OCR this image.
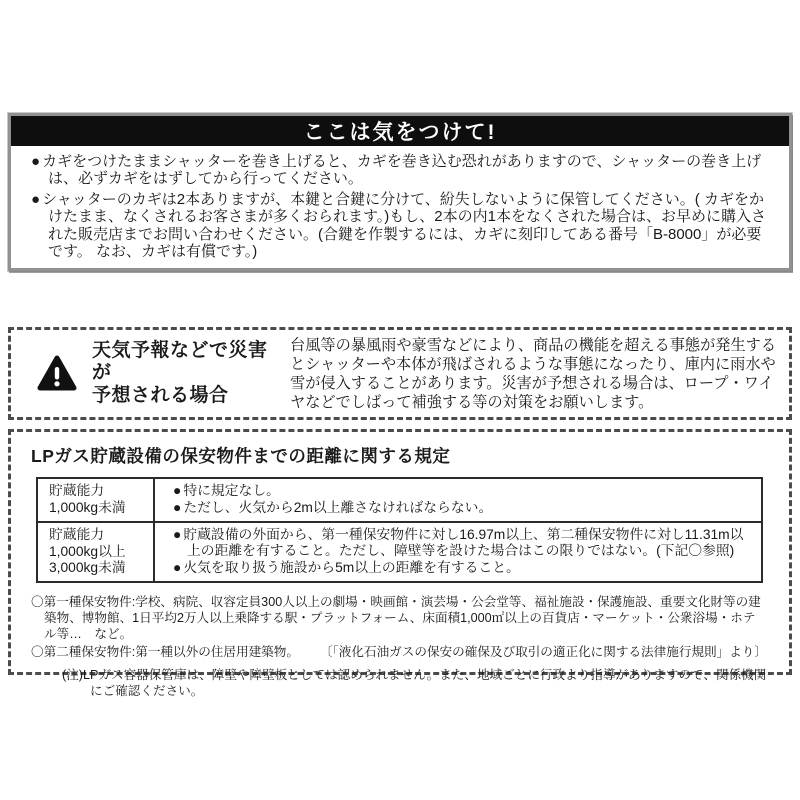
ここは気をつけて!

●カギをつけたままシャッターを巻き上げると、カギを巻き込む恐れがありますので、シャッターの巻き上げは、必ずカギをはずしてから行ってください。

●シャッターのカギは2本ありますが、本鍵と合鍵に分けて、紛失しないように保管してください。( カギをかけたまま、なくされるお客さまが多くおられます。)もし、2本の内1本をなくされた場合は、お早めに購入された販売店までお問い合わせください。(合鍵を作製するには、カギに刻印してある番号「B-8000」が必要です。 なお、カギは有償です。)

天気予報などで災害が
予想される場合

台風等の暴風雨や豪雪などにより、商品の機能を超える事態が発生するとシャッターや本体が飛ばされるような事態になったり、庫内に雨水や雪が侵入することがあります。災害が予想される場合は、ロープ・ワイヤなどでしばって補強する等の対策をお願いします。

LPガス貯蔵設備の保安物件までの距離に関する規定
貯蔵能力
1,000kg未満
●特に規定なし。
●ただし、火気から2m以上離さなければならない。
貯蔵能力
1,000kg以上
3,000kg未満
●貯蔵設備の外面から、第一種保安物件に対し16.97m以上、第二種保安物件に対し11.31m以上の距離を有すること。ただし、障壁等を設けた場合はこの限りではない。(下記〇参照)
●火気を取り扱う施設から5m以上の距離を有すること。

〇第一種保安物件:学校、病院、収容定員300人以上の劇場・映画館・演芸場・公会堂等、福祉施設・保護施設、重要文化財等の建築物、博物館、1日平均2万人以上乗降する駅・プラットフォーム、床面積1,000㎡以上の百貨店・マーケット・公衆浴場・ホテル等…　など。

〇第二種保安物件:第一種以外の住居用建築物。 〔「液化石油ガスの保安の確保及び取引の適正化に関する法律施行規則」より〕

(注)LPガス容器保管庫は、障壁や障壁板としては認められません。また、地域ごとに行政より指導がありますので、関係機関にご確認ください。
